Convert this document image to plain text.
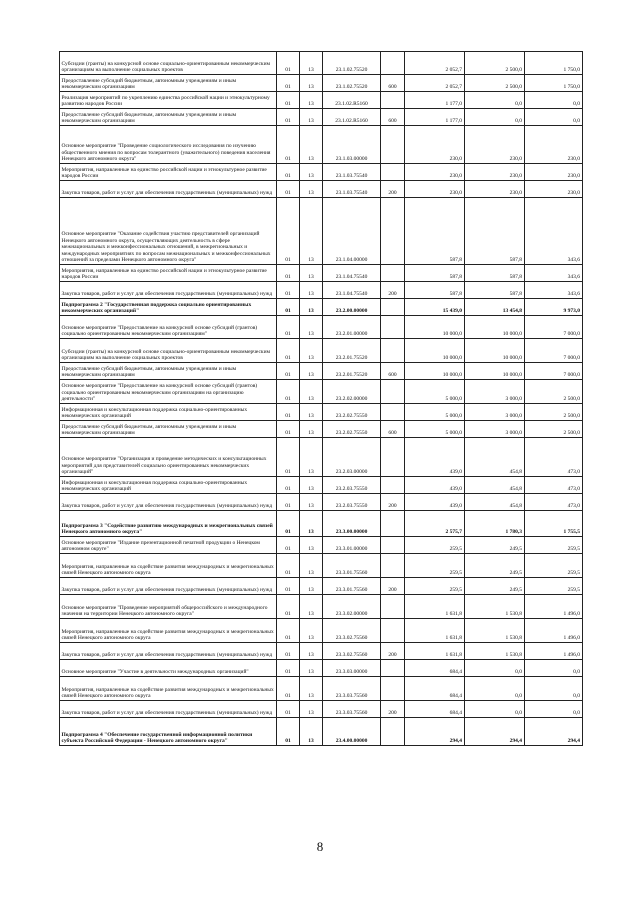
Субсидии (гранты) на конкурсной основе социально-ориентированным некоммерческим организациям на выполнение социальных проектов	01	13	23.1.02.75520		2 052,7	2 500,0	1 750,0
Предоставление субсидий бюджетным, автономным учреждениям и иным некоммерческим организациям	01	13	23.1.02.75520	600	2 052,7	2 500,0	1 750,0
Реализация мероприятий по укреплению единства российской нации и этнокультурному развитию народов России	01	13	23.1.02.R5160		1 177,0	0,0	0,0
Предоставление субсидий бюджетным, автономным учреждениям и иным некоммерческим организациям	01	13	23.1.02.R5160	600	1 177,0	0,0	0,0
Основное мероприятие "Проведение социологического исследования по изучению общественного мнения по вопросам толерантного (уважительного) поведения населения Ненецкого автономного округа"	01	13	23.1.03.00000		230,0	230,0	230,0
Мероприятия, направленные на единство российской нации и этнокультурное развитие народов России	01	13	23.1.03.75540		230,0	230,0	230,0
Закупка товаров, работ и услуг для обеспечения государственных (муниципальных) нужд	01	13	23.1.03.75540	200	230,0	230,0	230,0
Основное мероприятие "Оказание содействия участию представителей организаций Ненецкого автономного округа, осуществляющих деятельность в сфере межнациональных и межконфессиональных отношений, в межрегиональных и международных мероприятиях по вопросам межнациональных и межконфессиональных отношений за пределами Ненецкого автономного округа"	01	13	23.1.04.00000		587,8	587,8	343,6
Мероприятия, направленные на единство российской нации и этнокультурное развитие народов России	01	13	23.1.04.75540		587,8	587,8	343,6
Закупка товаров, работ и услуг для обеспечения государственных (муниципальных) нужд	01	13	23.1.04.75540	200	587,8	587,8	343,6
Подпрограмма 2 "Государственная поддержка социально ориентированных некоммерческих организаций"	01	13	23.2.00.00000		15 439,0	13 454,8	9 973,0
Основное мероприятие "Предоставление на конкурсной основе субсидий (грантов) социально ориентированным некоммерческим организациям"	01	13	23.2.01.00000		10 000,0	10 000,0	7 000,0
Субсидии (гранты) на конкурсной основе социально-ориентированным некоммерческим организациям на выполнение социальных проектов	01	13	23.2.01.75520		10 000,0	10 000,0	7 000,0
Предоставление субсидий бюджетным, автономным учреждениям и иным некоммерческим организациям	01	13	23.2.01.75520	600	10 000,0	10 000,0	7 000,0
Основное мероприятие "Предоставление на конкурсной основе субсидий (грантов) социально ориентированным некоммерческим организациям на организацию деятельности"	01	13	23.2.02.00000		5 000,0	3 000,0	2 500,0
Информационная и консультационная поддержка социально-ориентированных некоммерческих организаций	01	13	23.2.02.75550		5 000,0	3 000,0	2 500,0
Предоставление субсидий бюджетным, автономным учреждениям и иным некоммерческим организациям	01	13	23.2.02.75550	600	5 000,0	3 000,0	2 500,0
Основное мероприятие "Организация и проведение методических и консультационных мероприятий для представителей социально ориентированных некоммерческих организаций"	01	13	23.2.03.00000		439,0	454,8	473,0
Информационная и консультационная поддержка социально-ориентированных некоммерческих организаций	01	13	23.2.03.75550		439,0	454,8	473,0
Закупка товаров, работ и услуг для обеспечения государственных (муниципальных) нужд	01	13	23.2.03.75550	200	439,0	454,8	473,0
Подпрограмма 3 "Содействие развитию международных и межрегиональных связей Ненецкого автономного округа"	01	13	23.3.00.00000		2 575,7	1 780,3	1 755,5
Основное мероприятие "Издание презентационной печатной продукции о Ненецком автономном округе"	01	13	23.3.01.00000		259,5	249,5	259,5
Мероприятия, направленные на содействие развития международных и межрегиональных связей Ненецкого автономного округа	01	13	23.3.01.75560		259,5	249,5	259,5
Закупка товаров, работ и услуг для обеспечения государственных (муниципальных) нужд	01	13	23.3.01.75560	200	259,5	249,5	259,5
Основное мероприятие "Проведение мероприятий общероссийского и международного значения на территории Ненецкого автономного округа"	01	13	23.3.02.00000		1 631,8	1 530,8	1 496,0
Мероприятия, направленные на содействие развития международных и межрегиональных связей Ненецкого автономного округа	01	13	23.3.02.75560		1 631,8	1 530,8	1 496,0
Закупка товаров, работ и услуг для обеспечения государственных (муниципальных) нужд	01	13	23.3.02.75560	200	1 631,8	1 530,8	1 496,0
Основное мероприятие "Участие в деятельности международных организаций"	01	13	23.3.03.00000		684,4	0,0	0,0
Мероприятия, направленные на содействие развития международных и межрегиональных связей Ненецкого автономного округа	01	13	23.3.03.75560		684,4	0,0	0,0
Закупка товаров, работ и услуг для обеспечения государственных (муниципальных) нужд	01	13	23.3.03.75560	200	684,4	0,0	0,0
Подпрограмма 4 "Обеспечение государственной информационной политики субъекта Российской Федерации - Ненецкого автономного округа"	01	13	23.4.00.00000		294,4	294,4	294,4
8
